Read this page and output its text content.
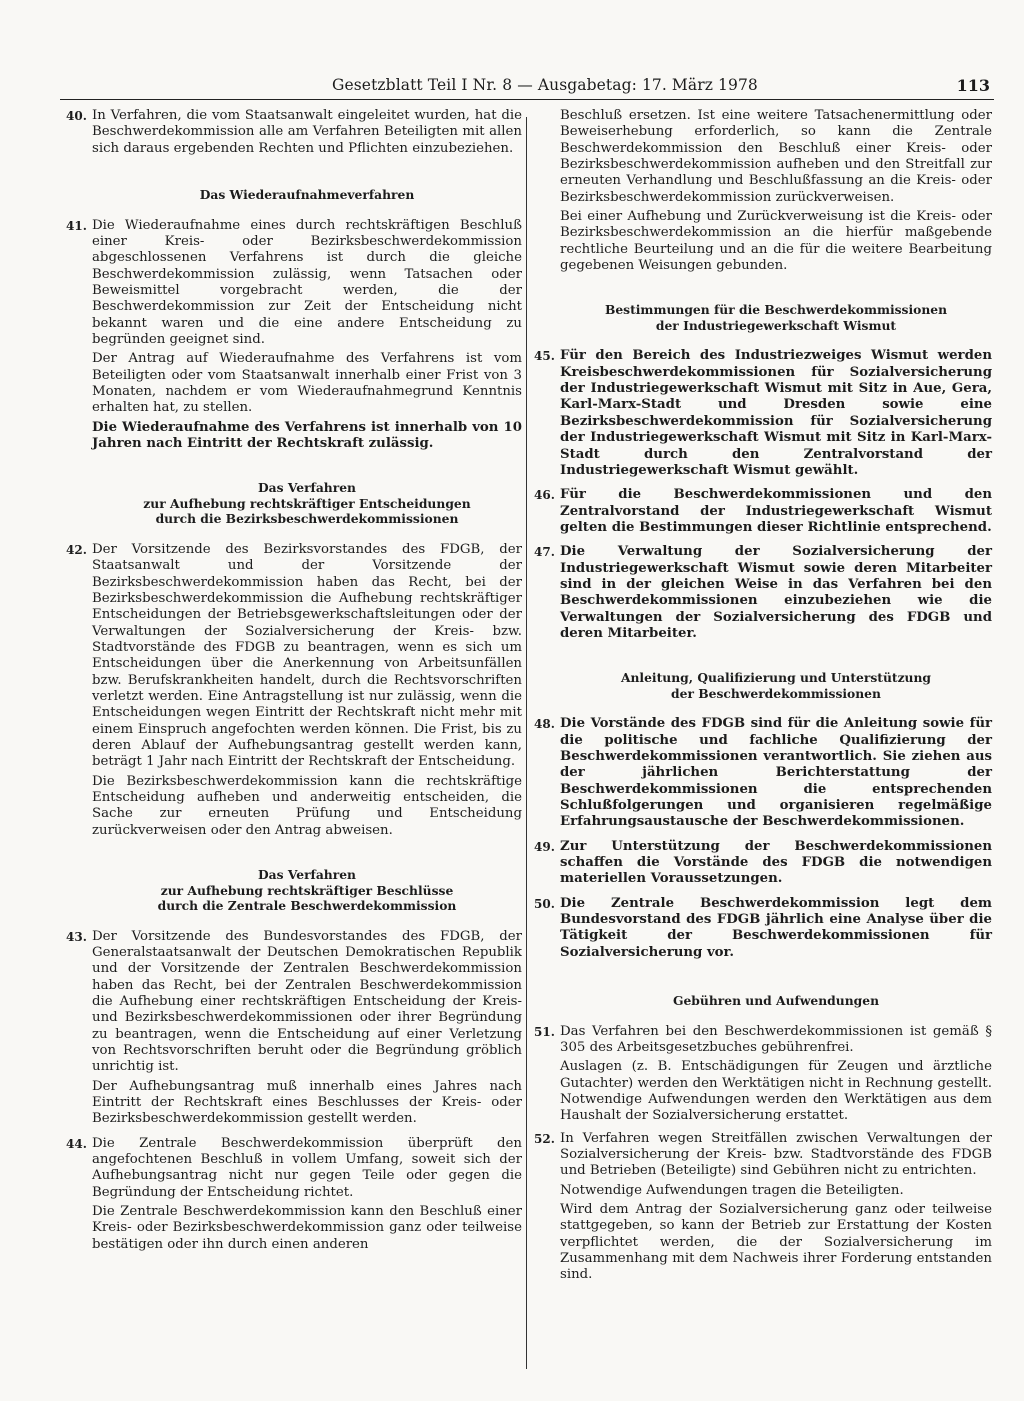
Gesetzblatt Teil I Nr. 8 — Ausgabetag: 17. März 1978	113
40. In Verfahren, die vom Staatsanwalt eingeleitet wurden, hat die Beschwerdekommission alle am Verfahren Beteiligten mit allen sich daraus ergebenden Rechten und Pflichten einzubeziehen.

Das Wiederaufnahmeverfahren
41. Die Wiederaufnahme eines durch rechtskräftigen Beschluß einer Kreis- oder Bezirksbeschwerdekommission abgeschlossenen Verfahrens ist durch die gleiche Beschwerdekommission zulässig, wenn Tatsachen oder Beweismittel vorgebracht werden, die der Beschwerdekommission zur Zeit der Entscheidung nicht bekannt waren und die eine andere Entscheidung zu begründen geeignet sind.

Der Antrag auf Wiederaufnahme des Verfahrens ist vom Beteiligten oder vom Staatsanwalt innerhalb einer Frist von 3 Monaten, nachdem er vom Wiederaufnahmegrund Kenntnis erhalten hat, zu stellen.

Die Wiederaufnahme des Verfahrens ist innerhalb von 10 Jahren nach Eintritt der Rechtskraft zulässig.

Das Verfahren
zur Aufhebung rechtskräftiger Entscheidungen
durch die Bezirksbeschwerdekommissionen
42. Der Vorsitzende des Bezirksvorstandes des FDGB, der Staatsanwalt und der Vorsitzende der Bezirksbeschwerdekommission haben das Recht, bei der Bezirksbeschwerdekommission die Aufhebung rechtskräftiger Entscheidungen der Betriebsgewerkschaftsleitungen oder der Verwaltungen der Sozialversicherung der Kreis- bzw. Stadtvorstände des FDGB zu beantragen, wenn es sich um Entscheidungen über die Anerkennung von Arbeitsunfällen bzw. Berufskrankheiten handelt, durch die Rechtsvorschriften verletzt werden. Eine Antragstellung ist nur zulässig, wenn die Entscheidungen wegen Eintritt der Rechtskraft nicht mehr mit einem Einspruch angefochten werden können. Die Frist, bis zu deren Ablauf der Aufhebungsantrag gestellt werden kann, beträgt 1 Jahr nach Eintritt der Rechtskraft der Entscheidung.

Die Bezirksbeschwerdekommission kann die rechtskräftige Entscheidung aufheben und anderweitig entscheiden, die Sache zur erneuten Prüfung und Entscheidung zurückverweisen oder den Antrag abweisen.

Das Verfahren
zur Aufhebung rechtskräftiger Beschlüsse
durch die Zentrale Beschwerdekommission
43. Der Vorsitzende des Bundesvorstandes des FDGB, der Generalstaatsanwalt der Deutschen Demokratischen Republik und der Vorsitzende der Zentralen Beschwerdekommission haben das Recht, bei der Zentralen Beschwerdekommission die Aufhebung einer rechtskräftigen Entscheidung der Kreis- und Bezirksbeschwerdekommissionen oder ihrer Begründung zu beantragen, wenn die Entscheidung auf einer Verletzung von Rechtsvorschriften beruht oder die Begründung gröblich unrichtig ist.

Der Aufhebungsantrag muß innerhalb eines Jahres nach Eintritt der Rechtskraft eines Beschlusses der Kreis- oder Bezirksbeschwerdekommission gestellt werden.

44. Die Zentrale Beschwerdekommission überprüft den angefochtenen Beschluß in vollem Umfang, soweit sich der Aufhebungsantrag nicht nur gegen Teile oder gegen die Begründung der Entscheidung richtet.

Die Zentrale Beschwerdekommission kann den Beschluß einer Kreis- oder Bezirksbeschwerdekommission ganz oder teilweise bestätigen oder ihn durch einen anderen

Beschluß ersetzen. Ist eine weitere Tatsachenermittlung oder Beweiserhebung erforderlich, so kann die Zentrale Beschwerdekommission den Beschluß einer Kreis- oder Bezirksbeschwerdekommission aufheben und den Streitfall zur erneuten Verhandlung und Beschlußfassung an die Kreis- oder Bezirksbeschwerdekommission zurückverweisen.

Bei einer Aufhebung und Zurückverweisung ist die Kreis- oder Bezirksbeschwerdekommission an die hierfür maßgebende rechtliche Beurteilung und an die für die weitere Bearbeitung gegebenen Weisungen gebunden.

Bestimmungen für die Beschwerdekommissionen
der Industriegewerkschaft Wismut
45. Für den Bereich des Industriezweiges Wismut werden Kreisbeschwerdekommissionen für Sozialversicherung der Industriegewerkschaft Wismut mit Sitz in Aue, Gera, Karl-Marx-Stadt und Dresden sowie eine Bezirksbeschwerdekommission für Sozialversicherung der Industriegewerkschaft Wismut mit Sitz in Karl-Marx-Stadt durch den Zentralvorstand der Industriegewerkschaft Wismut gewählt.

46. Für die Beschwerdekommissionen und den Zentralvorstand der Industriegewerkschaft Wismut gelten die Bestimmungen dieser Richtlinie entsprechend.

47. Die Verwaltung der Sozialversicherung der Industriegewerkschaft Wismut sowie deren Mitarbeiter sind in der gleichen Weise in das Verfahren bei den Beschwerdekommissionen einzubeziehen wie die Verwaltungen der Sozialversicherung des FDGB und deren Mitarbeiter.

Anleitung, Qualifizierung und Unterstützung
der Beschwerdekommissionen
48. Die Vorstände des FDGB sind für die Anleitung sowie für die politische und fachliche Qualifizierung der Beschwerdekommissionen verantwortlich. Sie ziehen aus der jährlichen Berichterstattung der Beschwerdekommissionen die entsprechenden Schlußfolgerungen und organisieren regelmäßige Erfahrungsaustausche der Beschwerdekommissionen.

49. Zur Unterstützung der Beschwerdekommissionen schaffen die Vorstände des FDGB die notwendigen materiellen Voraussetzungen.

50. Die Zentrale Beschwerdekommission legt dem Bundesvorstand des FDGB jährlich eine Analyse über die Tätigkeit der Beschwerdekommissionen für Sozialversicherung vor.

Gebühren und Aufwendungen
51. Das Verfahren bei den Beschwerdekommissionen ist gemäß § 305 des Arbeitsgesetzbuches gebührenfrei.

Auslagen (z. B. Entschädigungen für Zeugen und ärztliche Gutachter) werden den Werktätigen nicht in Rechnung gestellt. Notwendige Aufwendungen werden den Werktätigen aus dem Haushalt der Sozialversicherung erstattet.

52. In Verfahren wegen Streitfällen zwischen Verwaltungen der Sozialversicherung der Kreis- bzw. Stadtvorstände des FDGB und Betrieben (Beteiligte) sind Gebühren nicht zu entrichten.

Notwendige Aufwendungen tragen die Beteiligten.

Wird dem Antrag der Sozialversicherung ganz oder teilweise stattgegeben, so kann der Betrieb zur Erstattung der Kosten verpflichtet werden, die der Sozialversicherung im Zusammenhang mit dem Nachweis ihrer Forderung entstanden sind.
